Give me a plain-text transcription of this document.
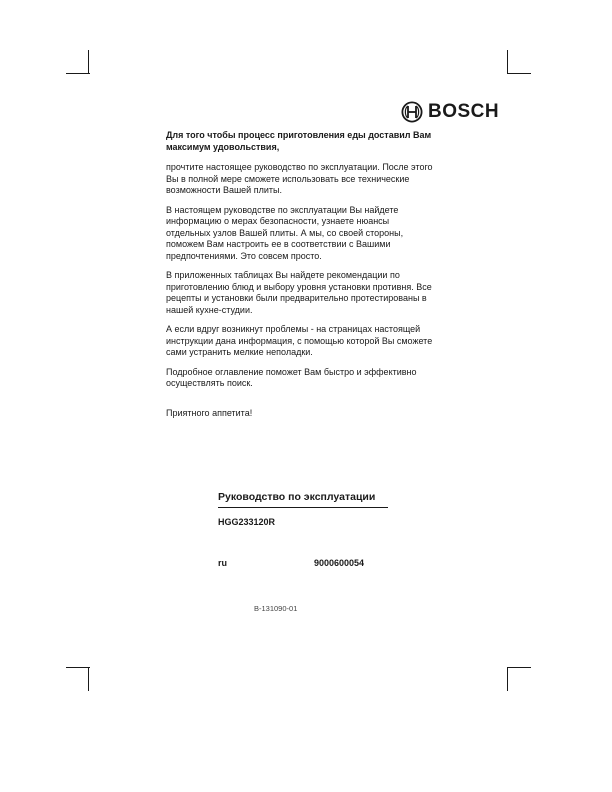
BOSCH

Для того чтобы процесс приготовления еды доставил Вам максимум удовольствия,

прочтите настоящее руководство по эксплуатации. После этого Вы в полной мере сможете использовать все технические возможности Вашей плиты.

В настоящем руководстве по эксплуатации Вы найдете информацию о мерах безопасности, узнаете нюансы отдельных узлов Вашей плиты. А мы, со своей стороны, поможем Вам настроить ее в соответствии с Вашими предпочтениями. Это совсем просто.

В приложенных таблицах Вы найдете рекомендации по приготовлению блюд и выбору уровня установки противня. Все рецепты и установки были предварительно протестированы в нашей кухне-студии.

А если вдруг возникнут проблемы - на страницах настоящей инструкции дана информация, с помощью которой Вы сможете сами устранить мелкие неполадки.

Подробное оглавление поможет Вам быстро и эффективно осуществлять поиск.

Приятного аппетита!

Руководство по эксплуатации
HGG233120R
ru	9000600054
B-131090-01
